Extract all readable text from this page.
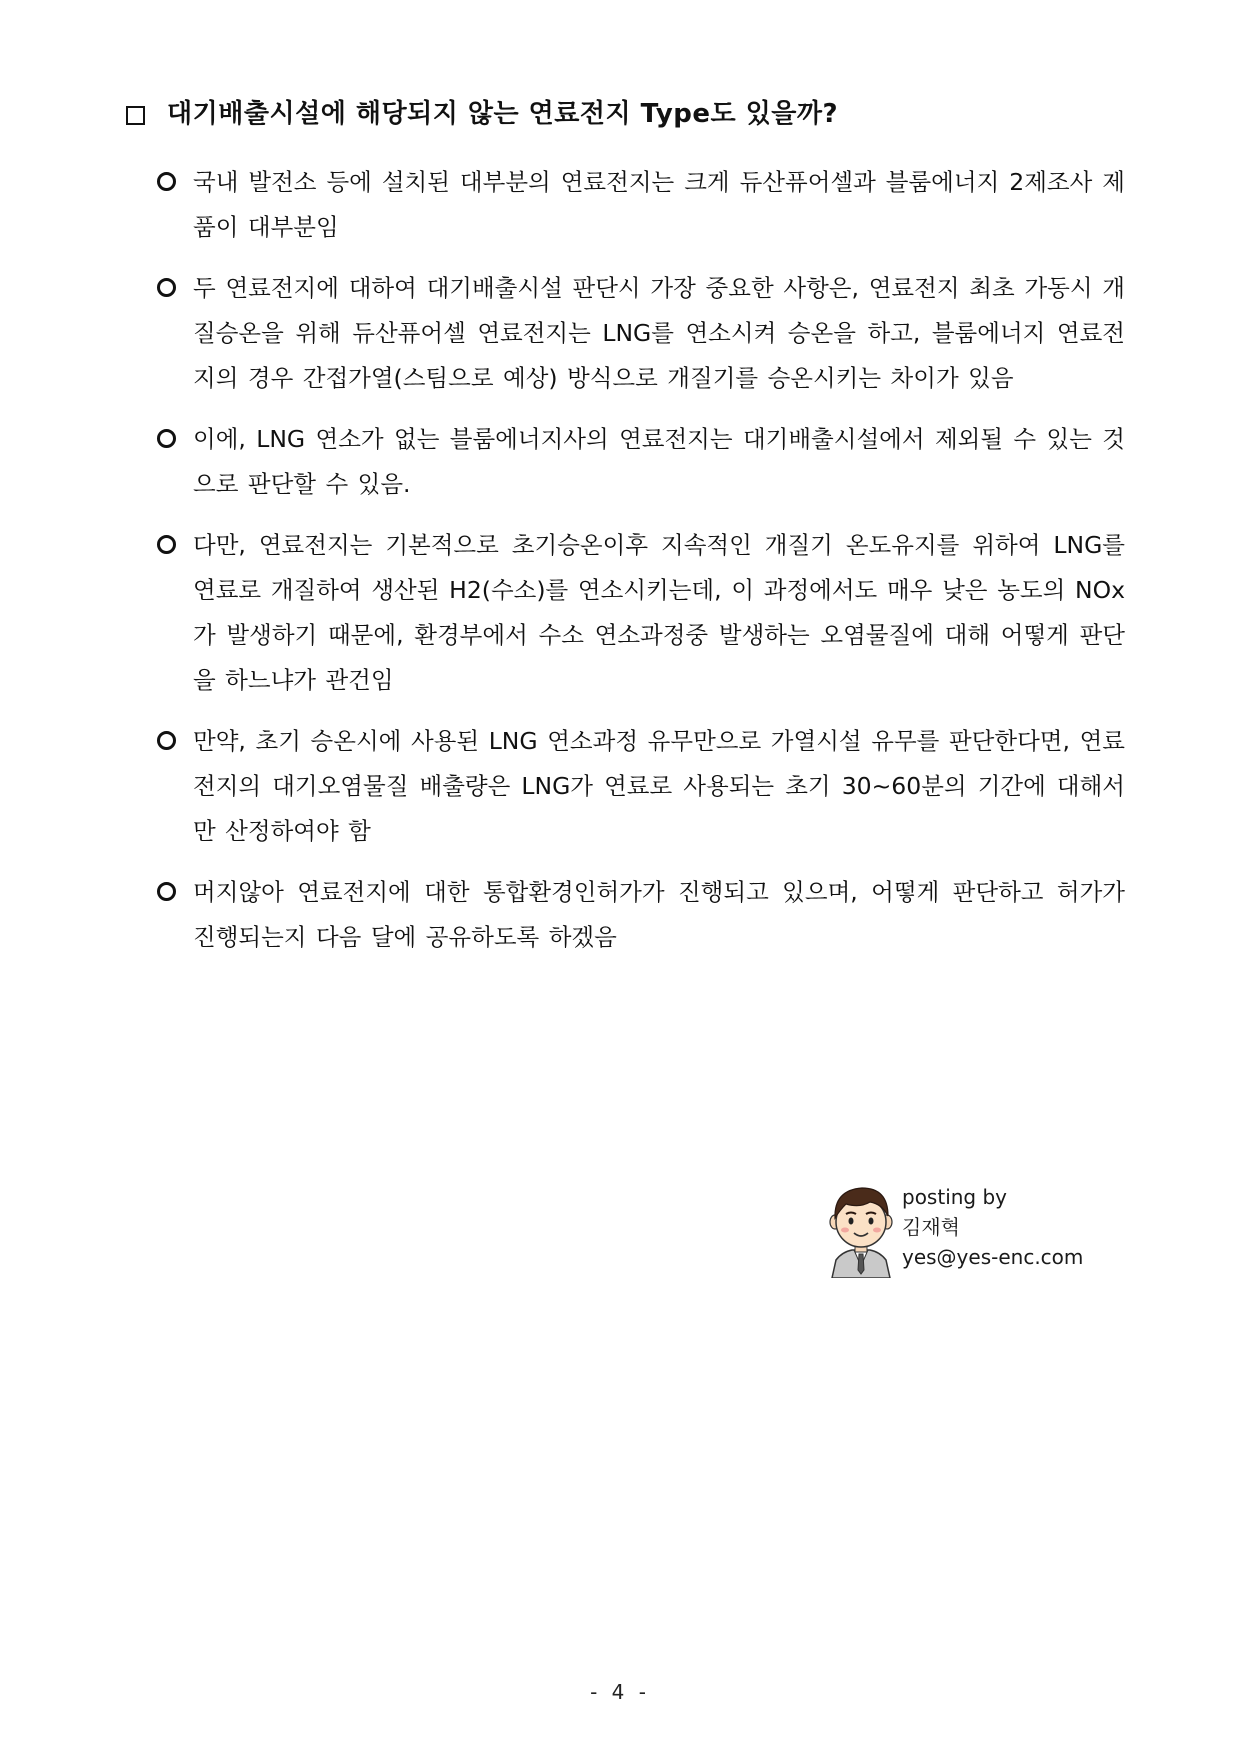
대기배출시설에 해당되지 않는 연료전지 Type도 있을까?
국내 발전소 등에 설치된 대부분의 연료전지는 크게 듀산퓨어셀과 블룸에너지 2제조사 제품이 대부분임
두 연료전지에 대하여 대기배출시설 판단시 가장 중요한 사항은, 연료전지 최초 가동시 개질승온을 위해 듀산퓨어셀 연료전지는 LNG를 연소시켜 승온을 하고, 블룸에너지 연료전지의 경우 간접가열(스팀으로 예상) 방식으로 개질기를 승온시키는 차이가 있음
이에, LNG 연소가 없는 블룸에너지사의 연료전지는 대기배출시설에서 제외될 수 있는 것으로 판단할 수 있음.
다만, 연료전지는 기본적으로 초기승온이후 지속적인 개질기 온도유지를 위하여 LNG를 연료로 개질하여 생산된 H2(수소)를 연소시키는데, 이 과정에서도 매우 낮은 농도의 NOx가 발생하기 때문에, 환경부에서 수소 연소과정중 발생하는 오염물질에 대해 어떻게 판단을 하느냐가 관건임
만약, 초기 승온시에 사용된 LNG 연소과정 유무만으로 가열시설 유무를 판단한다면, 연료전지의 대기오염물질 배출량은 LNG가 연료로 사용되는 초기 30~60분의 기간에 대해서만 산정하여야 함
머지않아 연료전지에 대한 통합환경인허가가 진행되고 있으며, 어떻게 판단하고 허가가 진행되는지 다음 달에 공유하도록 하겠음
posting by
김재혁
yes@yes-enc.com
- 4 -
